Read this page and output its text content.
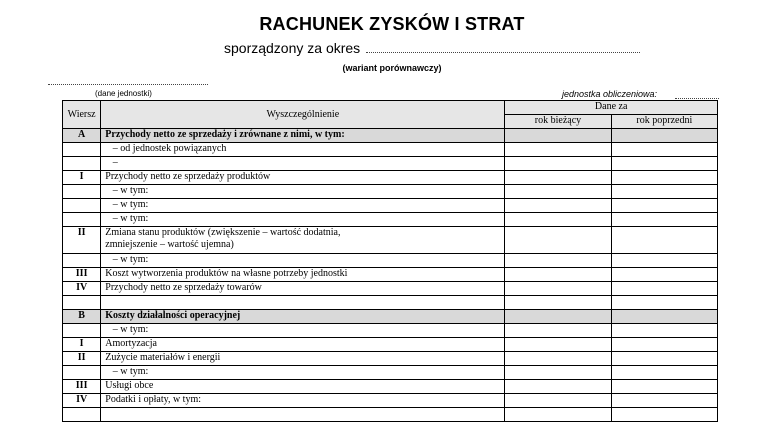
RACHUNEK ZYSKÓW I STRAT
sporządzony za okres
(wariant porównawczy)
(dane jednostki)	jednostka obliczeniowa:
Wiersz	Wyszczególnienie	Dane za	
		rok bieżący	rok poprzedni
A	Przychody netto ze sprzedaży i zrównane z nimi, w tym:		
	– od jednostek powiązanych		
	–		
I	Przychody netto ze sprzedaży produktów		
	– w tym:		
	– w tym:		
	– w tym:		
II	Zmiana stanu produktów (zwiększenie – wartość dodatnia,
zmniejszenie – wartość ujemna)		
	– w tym:		
III	Koszt wytworzenia produktów na własne potrzeby jednostki		
IV	Przychody netto ze sprzedaży towarów		

B	Koszty działalności operacyjnej		
	– w tym:		
I	Amortyzacja		
II	Zużycie materiałów i energii		
	– w tym:		
III	Usługi obce		
IV	Podatki i opłaty, w tym:		
